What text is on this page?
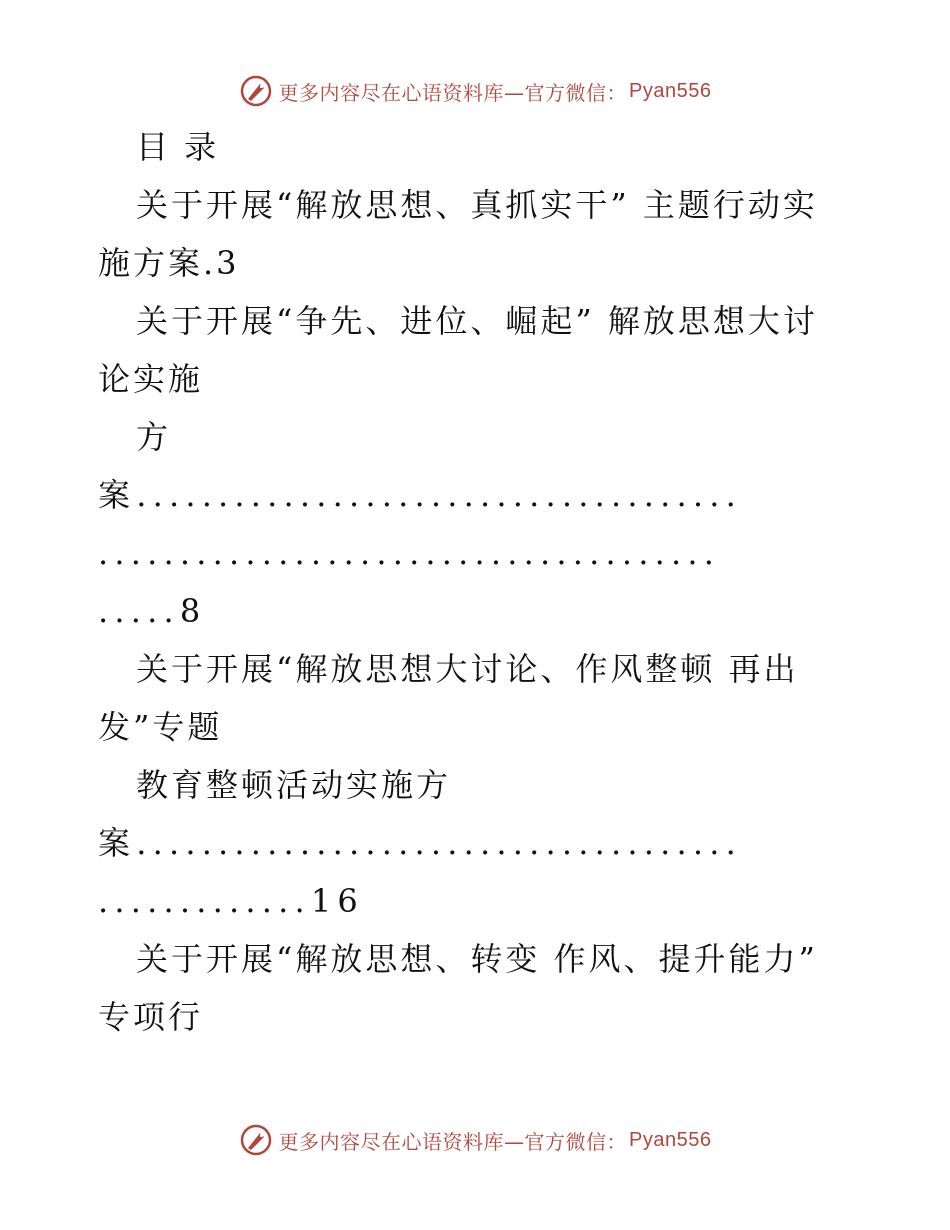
更多内容尽在心语资料库—官方微信： Pyan556
目 录
关于开展“解放思想、真抓实干” 主题行动实
施方案.3
关于开展“争先、进位、崛起” 解放思想大讨
论实施
方
案.....................................
......................................
.....8
关于开展“解放思想大讨论、作风整顿 再出
发”专题
教育整顿活动实施方
案.....................................
.............16
关于开展“解放思想、转变 作风、提升能力”
专项行
更多内容尽在心语资料库—官方微信： Pyan556
